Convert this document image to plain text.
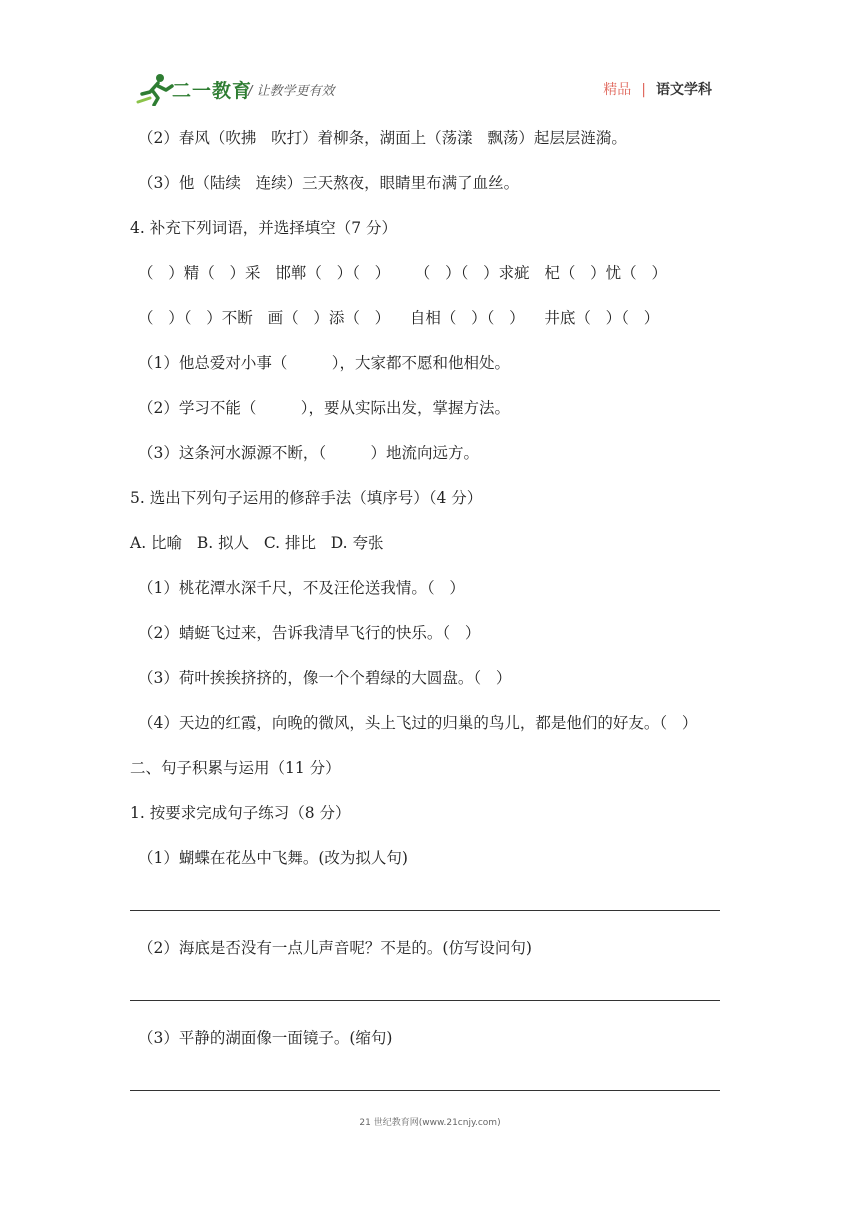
二一教育
/ 让教学更有效	精品 | 语文学科
（2）春风（吹拂   吹打）着柳条，湖面上（荡漾   飘荡）起层层涟漪。
（3）他（陆续   连续）三天熬夜，眼睛里布满了血丝。
4. 补充下列词语，并选择填空（7 分）
（   ）精（   ）采   邯郸（   ）（   ）     （   ）（   ）求疵   杞（   ）忧（   ）
（   ）（   ）不断   画（   ）添（   ）    自相（   ）（   ）    井底（   ）（   ）
（1）他总爱对小事（         ），大家都不愿和他相处。
（2）学习不能（         ），要从实际出发，掌握方法。
（3）这条河水源源不断，（         ）地流向远方。
5. 选出下列句子运用的修辞手法（填序号）（4 分）
A. 比喻   B. 拟人   C. 排比   D. 夸张
（1）桃花潭水深千尺，不及汪伦送我情。（   ）
（2）蜻蜓飞过来，告诉我清早飞行的快乐。（   ）
（3）荷叶挨挨挤挤的，像一个个碧绿的大圆盘。（   ）
（4）天边的红霞，向晚的微风，头上飞过的归巢的鸟儿，都是他们的好友。（   ）
二、句子积累与运用（11 分）
1. 按要求完成句子练习（8 分）
（1）蝴蝶在花丛中飞舞。(改为拟人句)
（2）海底是否没有一点儿声音呢？不是的。(仿写设问句)
（3）平静的湖面像一面镜子。(缩句)
21 世纪教育网(www.21cnjy.com)
